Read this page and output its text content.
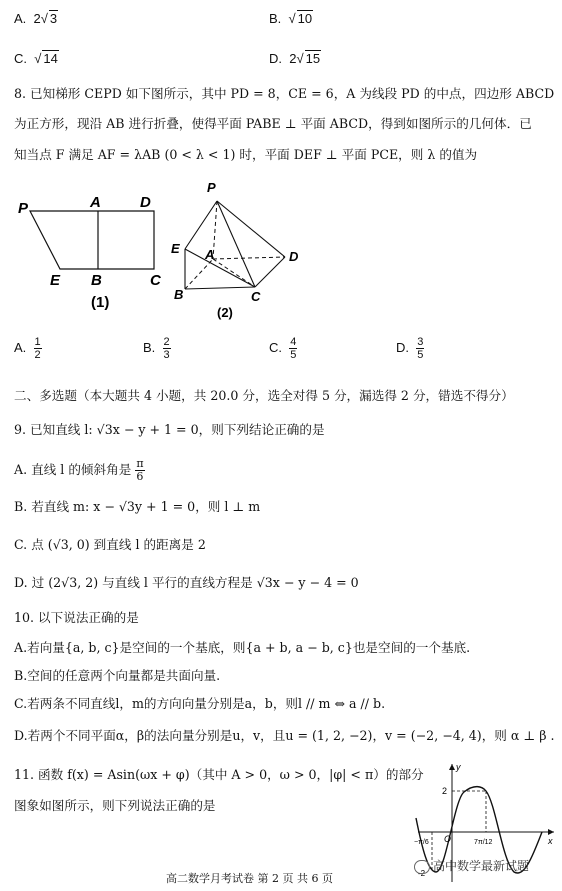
A. 2√ 3	B. √ 10
C. √ 14	D. 2√ 15
8. 已知梯形 CEPD 如下图所示，其中 PD = 8，CE = 6，A 为线段 PD 的中点，四边形 ABCD
为正方形，现沿 AB 进行折叠，使得平面 PABE ⊥ 平面 ABCD，得到如图所示的几何体．已
知当点 F 满足 AF = λAB (0 < λ < 1) 时，平面 DEF ⊥ 平面 PCE，则 λ 的值为
P	A	D
E B	C
(1)
P
E A	D
B	C
(2)
A. $\frac{1}{2}$	B. $\frac{2}{3}$	C. $\frac{4}{5}$	D. $\frac{3}{5}$
二、多选题（本大题共 4 小题，共 20.0 分，选全对得 5 分，漏选得 2 分，错选不得分）
9. 已知直线 l: √3x − y + 1 = 0，则下列结论正确的是
A. 直线 l 的倾斜角是 $\frac{\pi}{6}$
B. 若直线 m: x − √3y + 1 = 0，则 l ⊥ m
C. 点 (√3, 0) 到直线 l 的距离是 2
D. 过 (2√3, 2) 与直线 l 平行的直线方程是 √3x − y − 4 = 0
10. 以下说法正确的是
A.若向量{a, b, c}是空间的一个基底，则{a + b, a − b, c}也是空间的一个基底.
B.空间的任意两个向量都是共面向量.
C.若两条不同直线l，m的方向向量分别是a，b，则l // m ⇔ a // b.
D.若两个不同平面α，β的法向量分别是u，v，且u = (1, 2, −2)，v = (−2, −4, 4)，则 α ⊥ β .
11. 函数 f(x) = Asin(ωx + φ)（其中 A > 0，ω > 0，|φ| < π）的部分
图象如图所示，则下列说法正确的是
y
x
O
2
-2
−π/6	7π/12
高中数学最新试题
高二数学月考试卷 第 2 页 共 6 页
